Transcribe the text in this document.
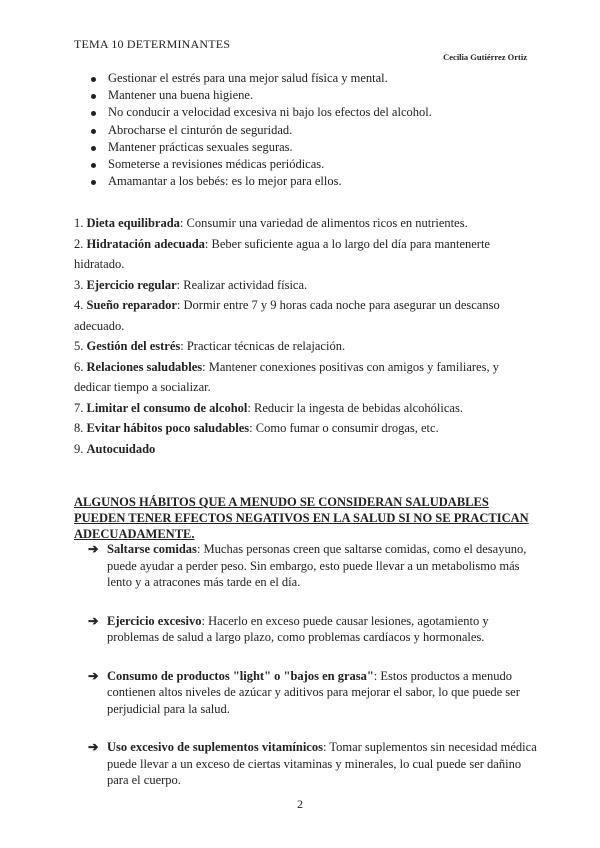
TEMA 10 DETERMINANTES
Cecilia Gutiérrez Ortiz
Gestionar el estrés para una mejor salud física y mental.
Mantener una buena higiene.
No conducir a velocidad excesiva ni bajo los efectos del alcohol.
Abrocharse el cinturón de seguridad.
Mantener prácticas sexuales seguras.
Someterse a revisiones médicas periódicas.
Amamantar a los bebés: es lo mejor para ellos.
1. Dieta equilibrada: Consumir una variedad de alimentos ricos en nutrientes.
2. Hidratación adecuada: Beber suficiente agua a lo largo del día para mantenerte hidratado.
3. Ejercicio regular: Realizar actividad física.
4. Sueño reparador: Dormir entre 7 y 9 horas cada noche para asegurar un descanso adecuado.
5. Gestión del estrés: Practicar técnicas de relajación.
6. Relaciones saludables: Mantener conexiones positivas con amigos y familiares, y dedicar tiempo a socializar.
7. Limitar el consumo de alcohol: Reducir la ingesta de bebidas alcohólicas.
8. Evitar hábitos poco saludables: Como fumar o consumir drogas, etc.
9. Autocuidado
ALGUNOS HÁBITOS QUE A MENUDO SE CONSIDERAN SALUDABLES PUEDEN TENER EFECTOS NEGATIVOS EN LA SALUD SI NO SE PRACTICAN ADECUADAMENTE.
➔ Saltarse comidas: Muchas personas creen que saltarse comidas, como el desayuno, puede ayudar a perder peso. Sin embargo, esto puede llevar a un metabolismo más lento y a atracones más tarde en el día.
➔ Ejercicio excesivo: Hacerlo en exceso puede causar lesiones, agotamiento y problemas de salud a largo plazo, como problemas cardíacos y hormonales.
➔ Consumo de productos "light" o "bajos en grasa": Estos productos a menudo contienen altos niveles de azúcar y aditivos para mejorar el sabor, lo que puede ser perjudicial para la salud.
➔ Uso excesivo de suplementos vitamínicos: Tomar suplementos sin necesidad médica puede llevar a un exceso de ciertas vitaminas y minerales, lo cual puede ser dañino para el cuerpo.
2
